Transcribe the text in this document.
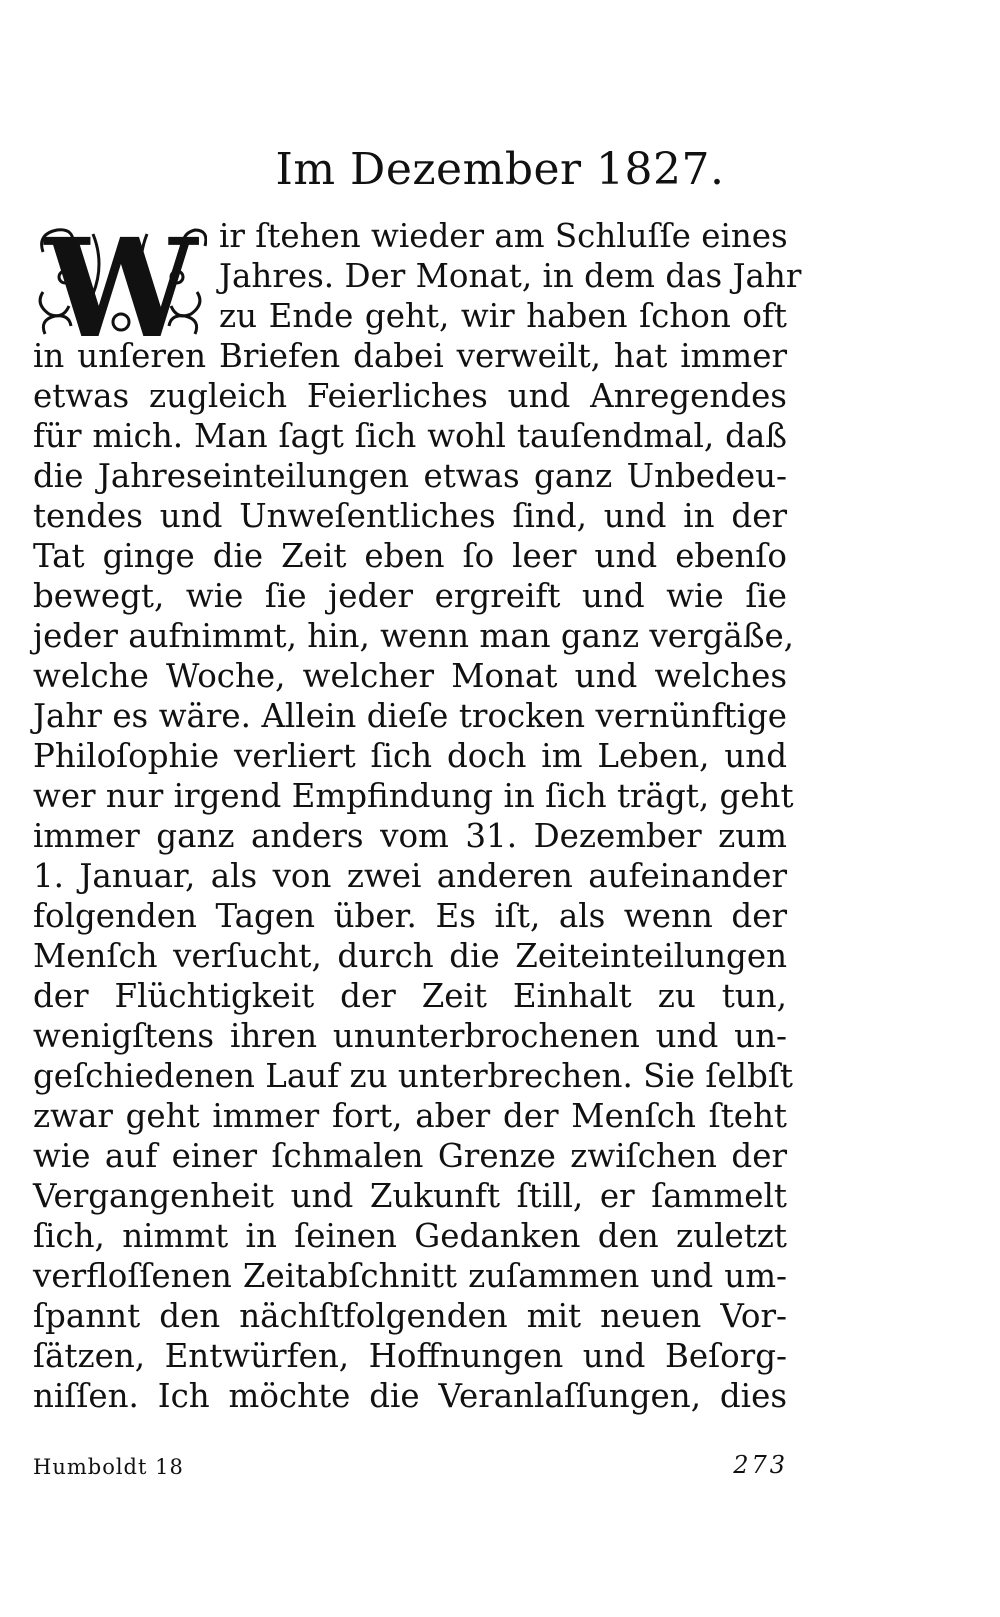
Im Dezember 1827.
W ir ſtehen wieder am Schluſſe eines
Jahres. Der Monat, in dem das Jahr
zu Ende geht, wir haben ſchon oft
in unſeren Briefen dabei verweilt, hat immer
etwas zugleich Feierliches und Anregendes
für mich. Man ſagt ſich wohl tauſendmal, daß
die Jahreseinteilungen etwas ganz Unbedeu-
tendes und Unweſentliches ſind, und in der
Tat ginge die Zeit eben ſo leer und ebenſo
bewegt, wie ſie jeder ergreift und wie ſie
jeder aufnimmt, hin, wenn man ganz vergäße,
welche Woche, welcher Monat und welches
Jahr es wäre. Allein dieſe trocken vernünftige
Philoſophie verliert ſich doch im Leben, und
wer nur irgend Empfindung in ſich trägt, geht
immer ganz anders vom 31. Dezember zum
1. Januar, als von zwei anderen aufeinander
folgenden Tagen über. Es iſt, als wenn der
Menſch verſucht, durch die Zeiteinteilungen
der Flüchtigkeit der Zeit Einhalt zu tun,
wenigſtens ihren ununterbrochenen und un-
geſchiedenen Lauf zu unterbrechen. Sie ſelbſt
zwar geht immer fort, aber der Menſch ſteht
wie auf einer ſchmalen Grenze zwiſchen der
Vergangenheit und Zukunft ſtill, er ſammelt
ſich, nimmt in ſeinen Gedanken den zuletzt
verfloſſenen Zeitabſchnitt zuſammen und um-
ſpannt den nächſtfolgenden mit neuen Vor-
ſätzen, Entwürfen, Hoffnungen und Beſorg-
niſſen. Ich möchte die Veranlaſſungen, dies
Humboldt 18	273
